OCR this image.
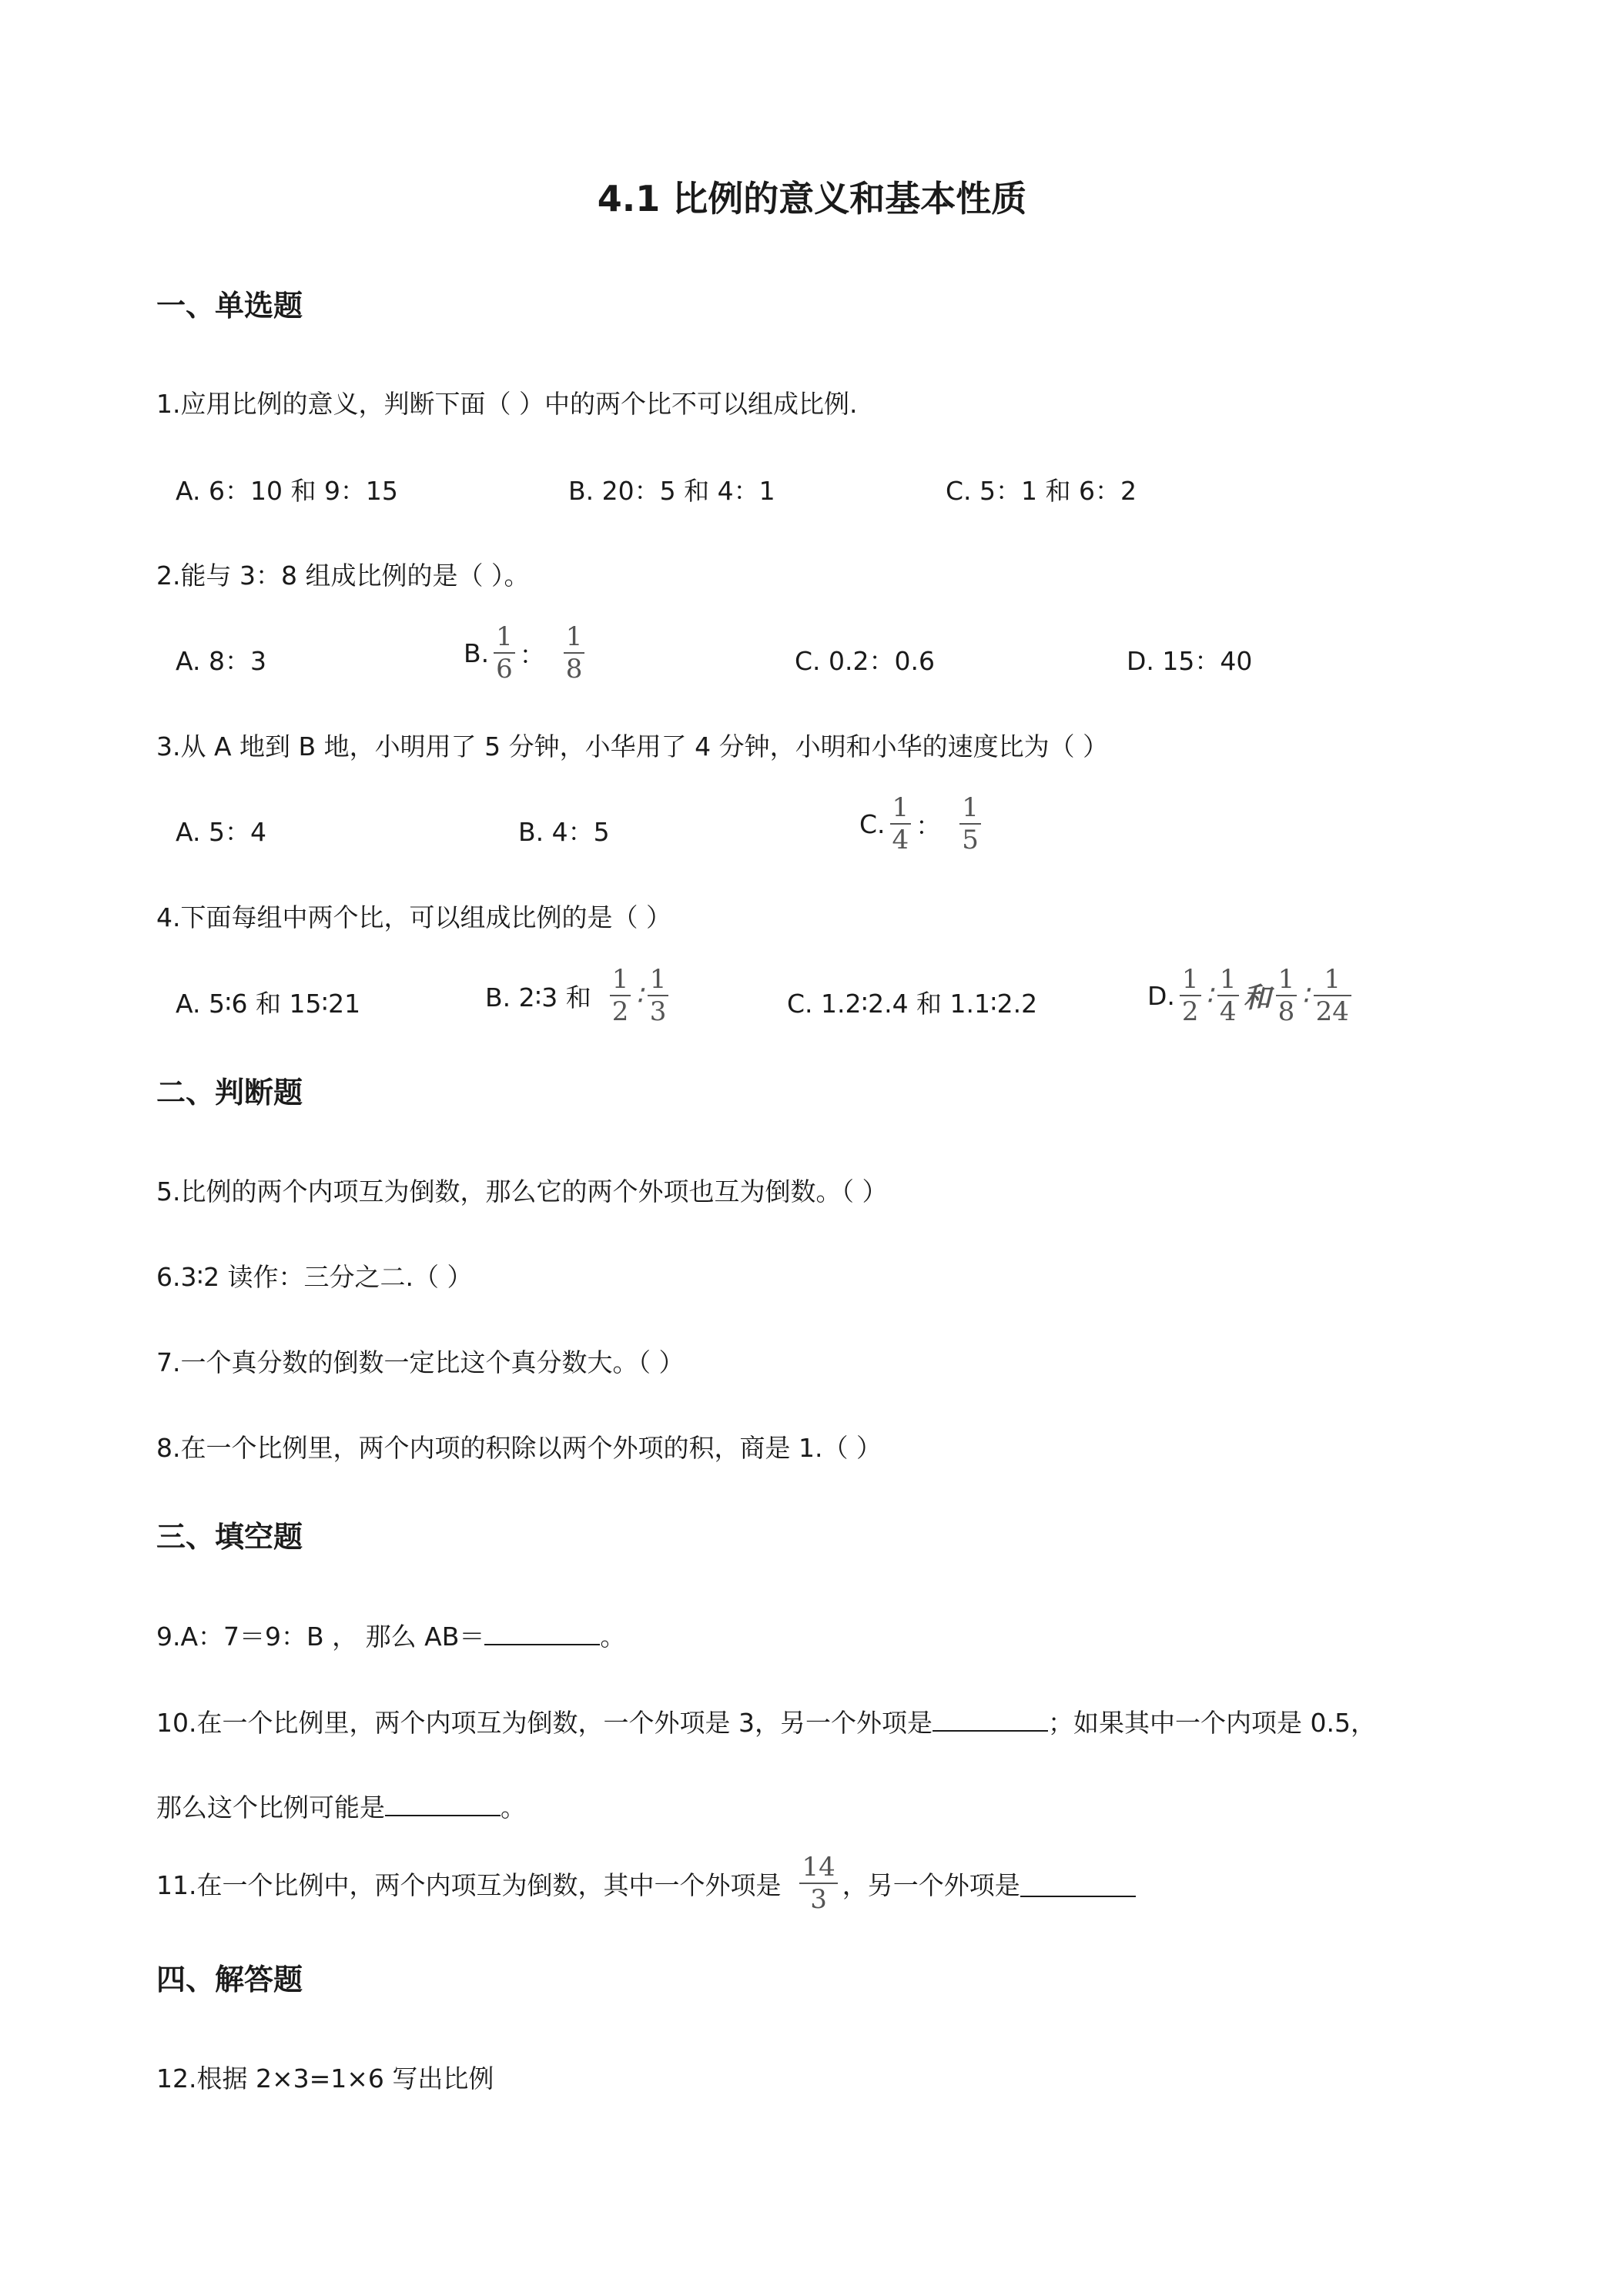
4.1 比例的意义和基本性质
一、单选题
1.应用比例的意义，判断下面（ ）中的两个比不可以组成比例.
A. 6：10 和 9：15	B. 20：5 和 4：1	C. 5：1 和 6：2
2.能与 3：8 组成比例的是（ ）。
A. 8：3	B. $\frac{1}{6}$ ： $\frac{1}{8}$	C. 0.2：0.6	D. 15：40
3.从 A 地到 B 地，小明用了 5 分钟，小华用了 4 分钟，小明和小华的速度比为（ ）
A. 5：4	B. 4：5	C. $\frac{1}{4}$ ： $\frac{1}{5}$
4.下面每组中两个比，可以组成比例的是（ ）
A. 5∶6 和 15∶21	B. 2∶3 和 $\frac{1}{2}$ ∶ $\frac{1}{3}$	C. 1.2∶2.4 和 1.1∶2.2	D. $\frac{1}{2}$ ∶ $\frac{1}{4}$ 和 $\frac{1}{8}$ ∶ $\frac{1}{24}$
二、判断题
5.比例的两个内项互为倒数，那么它的两个外项也互为倒数。（ ）
6.3∶2 读作：三分之二.（ ）
7.一个真分数的倒数一定比这个真分数大。（ ）
8.在一个比例里，两个内项的积除以两个外项的积，商是 1.（ ）
三、填空题
9.A：7＝9：B ， 那么 AB＝	。
10.在一个比例里，两个内项互为倒数，一个外项是 3，另一个外项是	；如果其中一个内项是 0.5，
那么这个比例可能是	。
11.在一个比例中，两个内项互为倒数，其中一个外项是 $\frac{14}{3}$ ，另一个外项是
四、解答题
12.根据 2×3=1×6 写出比例
